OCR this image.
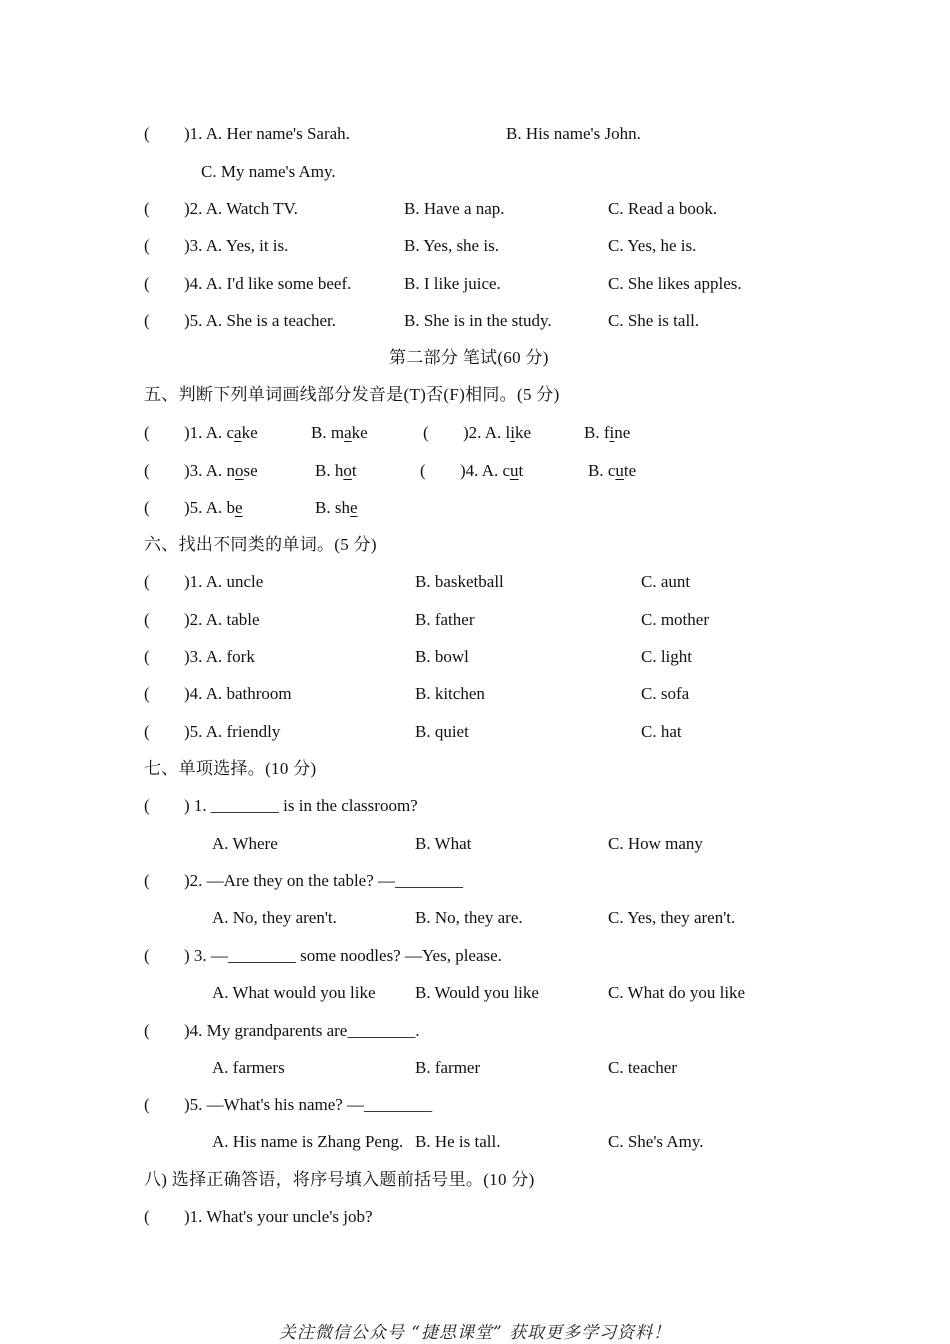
( )1. A. Her name's Sarah.	B. His name's John.
C. My name's Amy.
( )2. A. Watch TV.	B. Have a nap.	C. Read a book.
( )3. A. Yes, it is.	B. Yes, she is.	C. Yes, he is.
( )4. A. I'd like some beef.	B. I like juice.	C. She likes apples.
( )5. A. She is a teacher.	B. She is in the study.	C. She is tall.
第二部分 笔试(60 分)
五、判断下列单词画线部分发音是(T)否(F)相同。(5 分)
( )1. A. cake	B. make	( )2. A. like	B. fine
( )3. A. nose	B. hot	( )4. A. cut	B. cute
( )5. A. be	B. she
六、找出不同类的单词。(5 分)
( )1. A. uncle	B. basketball	C. aunt
( )2. A. table	B. father	C. mother
( )3. A. fork	B. bowl	C. light
( )4. A. bathroom	B. kitchen	C. sofa
( )5. A. friendly	B. quiet	C. hat
七、单项选择。(10 分)
( ) 1. ________ is in the classroom?
A. Where	B. What	C. How many
( )2. —Are they on the table? —________
A. No, they aren't.	B. No, they are.	C. Yes, they aren't.
( ) 3. —________ some noodles? —Yes, please.
A. What would you like B. Would you like	C. What do you like
( )4. My grandparents are________.
A. farmers	B. farmer	C. teacher
( )5. —What's his name? —________
A. His name is Zhang Peng. B. He is tall.	C. She's Amy.
八) 选择正确答语，将序号填入题前括号里。(10 分)
( )1. What's your uncle's job?
关注微信公众号 “捷思课堂” 获取更多学习资料！
